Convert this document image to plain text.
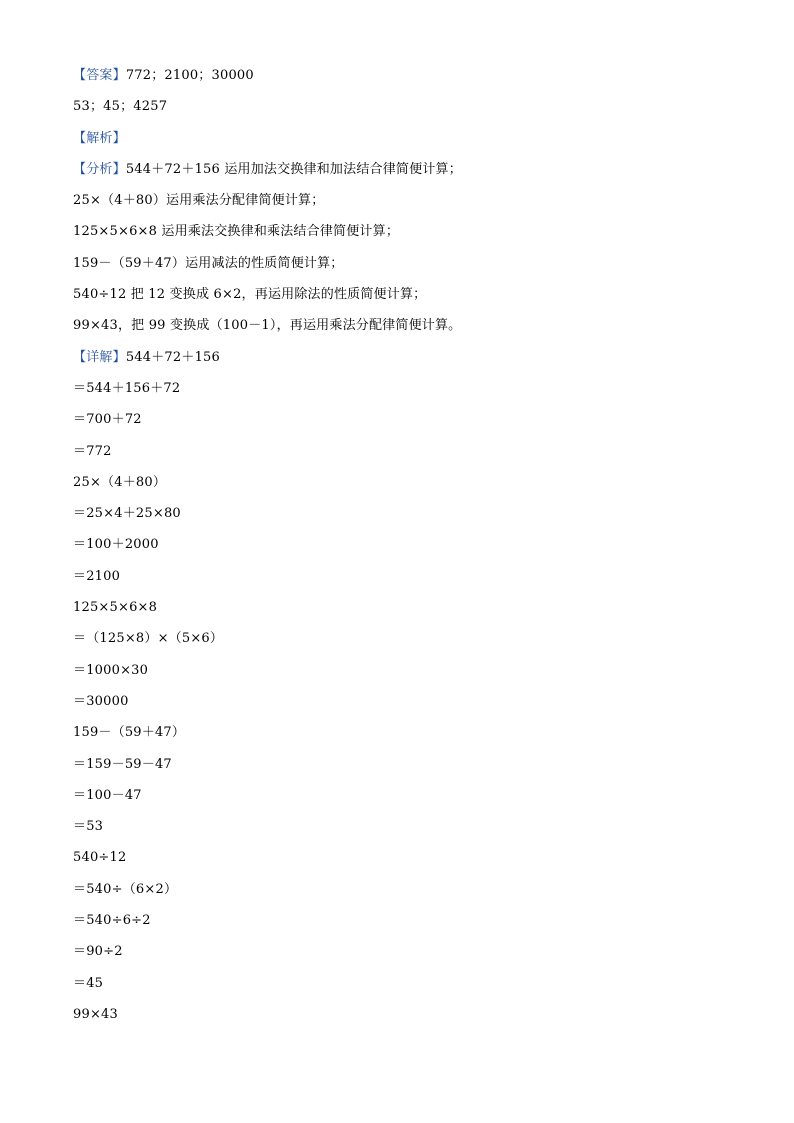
【答案】772；2100；30000
53；45；4257
【解析】
【分析】544＋72＋156 运用加法交换律和加法结合律简便计算；
25×（4＋80）运用乘法分配律简便计算；
125×5×6×8 运用乘法交换律和乘法结合律简便计算；
159－（59＋47）运用减法的性质简便计算；
540÷12 把 12 变换成 6×2，再运用除法的性质简便计算；
99×43，把 99 变换成（100－1），再运用乘法分配律简便计算。
【详解】544＋72＋156
＝544＋156＋72
＝700＋72
＝772
25×（4＋80）
＝25×4＋25×80
＝100＋2000
＝2100
125×5×6×8
＝（125×8）×（5×6）
＝1000×30
＝30000
159－（59＋47）
＝159－59－47
＝100－47
＝53
540÷12
＝540÷（6×2）
＝540÷6÷2
＝90÷2
＝45
99×43
